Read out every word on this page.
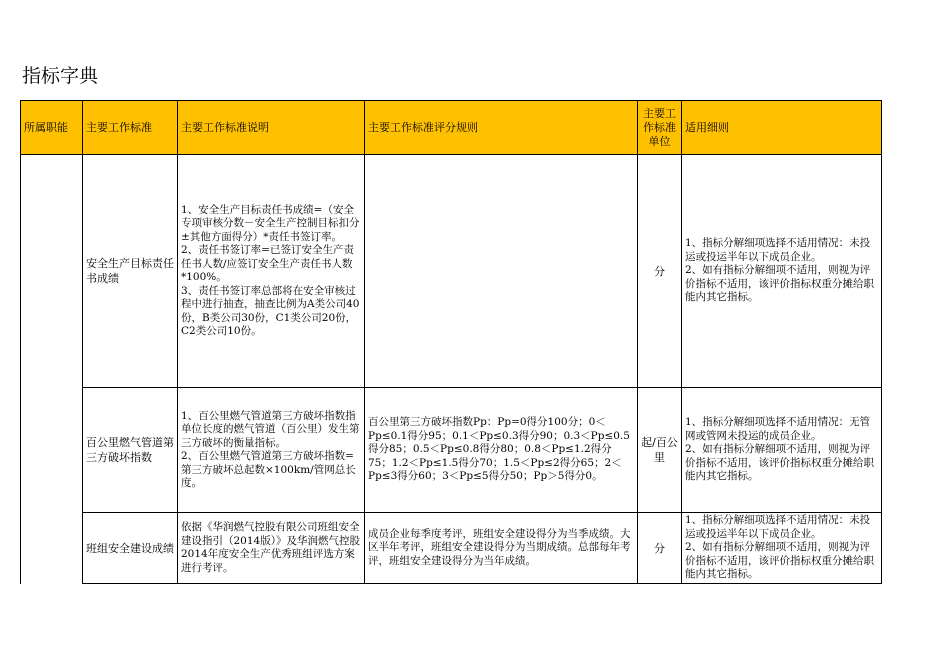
指标字典
所属职能	主要工作标准	主要工作标准说明	主要工作标准评分规则	主要工作标准单位	适用细则
	安全生产目标责任书成绩	1、安全生产目标责任书成绩=（安全专项审核分数－安全生产控制目标扣分±其他方面得分）*责任书签订率。
2、责任书签订率=已签订安全生产责任书人数/应签订安全生产责任书人数*100%。
3、责任书签订率总部将在安全审核过程中进行抽查，抽查比例为A类公司40份，B类公司30份，C1类公司20份，C2类公司10份。		分	1、指标分解细项选择不适用情况：未投运或投运半年以下成员企业。
2、如有指标分解细项不适用，则视为评价指标不适用，该评价指标权重分摊给职能内其它指标。

	百公里燃气管道第三方破坏指数	1、百公里燃气管道第三方破坏指数指单位长度的燃气管道（百公里）发生第三方破坏的衡量指标。
2、百公里燃气管道第三方破坏指数=第三方破坏总起数×100km/管网总长度。	百公里第三方破坏指数Pp：Pp=0得分100分；0＜Pp≤0.1得分95；0.1＜Pp≤0.3得分90；0.3＜Pp≤0.5得分85；0.5＜Pp≤0.8得分80；0.8＜Pp≤1.2得分75；1.2＜Pp≤1.5得分70；1.5＜Pp≤2得分65；2＜Pp≤3得分60；3＜Pp≤5得分50；Pp＞5得分0。	起/百公里	1、指标分解细项选择不适用情况：无管网或管网未投运的成员企业。
2、如有指标分解细项不适用，则视为评价指标不适用，该评价指标权重分摊给职能内其它指标。

	班组安全建设成绩	依据《华润燃气控股有限公司班组安全建设指引（2014版）》及华润燃气控股2014年度安全生产优秀班组评选方案进行考评。	成员企业每季度考评，班组安全建设得分为当季成绩。大区半年考评，班组安全建设得分为当期成绩。总部每年考评，班组安全建设得分为当年成绩。	分	1、指标分解细项选择不适用情况：未投运或投运半年以下成员企业。
2、如有指标分解细项不适用，则视为评价指标不适用，该评价指标权重分摊给职能内其它指标。
